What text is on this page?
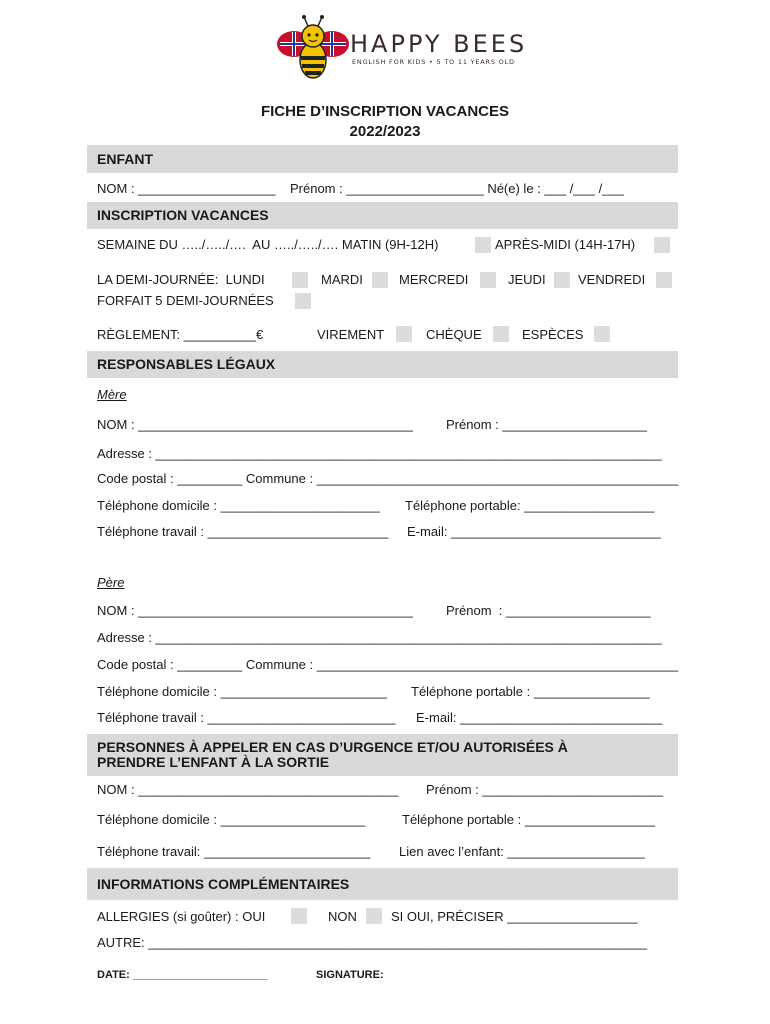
HAPPY BEES
ENGLISH FOR KIDS • 5 TO 11 YEARS OLD
FICHE D’INSCRIPTION VACANCES
2022/2023
ENFANT
NOM : ___________________    Prénom : ___________________ Né(e) le : ___ /___ /___
INSCRIPTION VACANCES
SEMAINE DU …../…../….  AU …../…../…. MATIN (9H-12H)	APRÈS-MIDI (14H-17H)
LA DEMI-JOURNÉE:  LUNDI	MARDI	MERCREDI	JEUDI VENDREDI
FORFAIT 5 DEMI-JOURNÉES
RÈGLEMENT: __________€	VIREMENT	CHÈQUE	ESPÈCES
RESPONSABLES LÉGAUX
Mère
NOM : ______________________________________	Prénom : ____________________
Adresse : ______________________________________________________________________
Code postal : _________ Commune : __________________________________________________
Téléphone domicile : ______________________ Téléphone portable: __________________
Téléphone travail : _________________________ E-mail: _____________________________
Père
NOM : ______________________________________	Prénom  : ____________________
Adresse : ______________________________________________________________________
Code postal : _________ Commune : __________________________________________________
Téléphone domicile : _______________________ Téléphone portable : ________________
Téléphone travail : __________________________ E-mail: ____________________________
PERSONNES À APPELER EN CAS D’URGENCE ET/OU AUTORISÉES À
PRENDRE L’ENFANT À LA SORTIE
NOM : ____________________________________ Prénom : _________________________
Téléphone domicile : ____________________	Téléphone portable : __________________
Téléphone travail: _______________________ Lien avec l’enfant: ___________________
INFORMATIONS COMPLÉMENTAIRES
ALLERGIES (si goûter) : OUI	NON	SI OUI, PRÉCISER __________________
AUTRE: _____________________________________________________________________
DATE: ______________________	SIGNATURE:
